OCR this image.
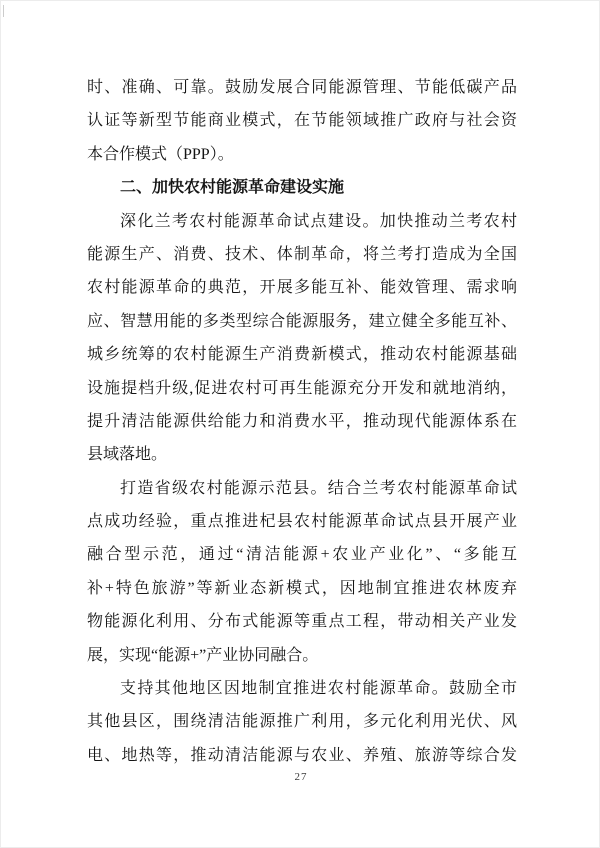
时、准确、可靠。鼓励发展合同能源管理、节能低碳产品
认证等新型节能商业模式，在节能领域推广政府与社会资
本合作模式（PPP）。
二、加快农村能源革命建设实施
深化兰考农村能源革命试点建设。加快推动兰考农村
能源生产、消费、技术、体制革命，将兰考打造成为全国
农村能源革命的典范，开展多能互补、能效管理、需求响
应、智慧用能的多类型综合能源服务，建立健全多能互补、
城乡统筹的农村能源生产消费新模式，推动农村能源基础
设施提档升级,促进农村可再生能源充分开发和就地消纳，
提升清洁能源供给能力和消费水平，推动现代能源体系在
县域落地。
打造省级农村能源示范县。结合兰考农村能源革命试
点成功经验，重点推进杞县农村能源革命试点县开展产业
融合型示范，通过“清洁能源+农业产业化”、“多能互
补+特色旅游”等新业态新模式，因地制宜推进农林废弃
物能源化利用、分布式能源等重点工程，带动相关产业发
展，实现“能源+”产业协同融合。
支持其他地区因地制宜推进农村能源革命。鼓励全市
其他县区，围绕清洁能源推广利用，多元化利用光伏、风
电、地热等，推动清洁能源与农业、养殖、旅游等综合发
27
